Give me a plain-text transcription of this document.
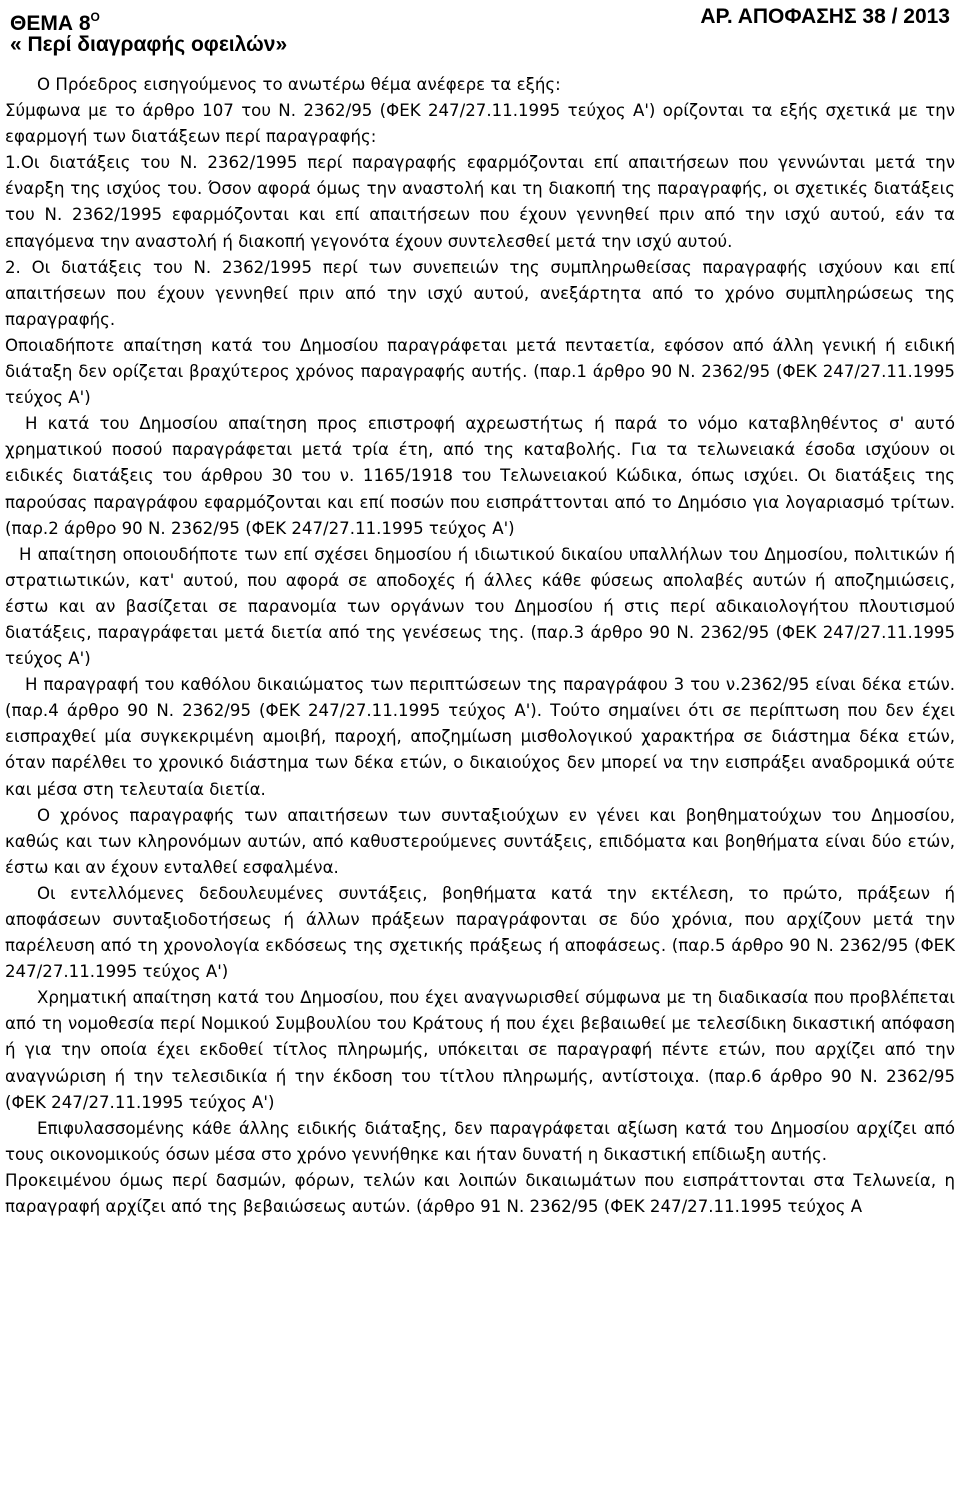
ΘΕΜΑ $8^O$	ΑΡ. ΑΠΟΦΑΣΗΣ 38 / 2013
« Περί διαγραφής οφειλών»

Ο Πρόεδρος εισηγούμενος το ανωτέρω θέμα ανέφερε τα εξής:

Σύμφωνα με το άρθρο 107 του Ν. 2362/95 (ΦΕΚ 247/27.11.1995 τεύχος Α') ορίζονται τα εξής σχετικά με την εφαρμογή των διατάξεων περί παραγραφής:

1.Οι διατάξεις του Ν. 2362/1995 περί παραγραφής εφαρμόζονται επί απαιτήσεων που γεννώνται μετά την έναρξη της ισχύος του. Όσον αφορά όμως την αναστολή και τη διακοπή της παραγραφής, οι σχετικές διατάξεις του Ν. 2362/1995 εφαρμόζονται και επί απαιτήσεων που έχουν γεννηθεί πριν από την ισχύ αυτού, εάν τα επαγόμενα την αναστολή ή διακοπή γεγονότα έχουν συντελεσθεί μετά την ισχύ αυτού.

2. Οι διατάξεις του Ν. 2362/1995 περί των συνεπειών της συμπληρωθείσας παραγραφής ισχύουν και επί απαιτήσεων που έχουν γεννηθεί πριν από την ισχύ αυτού, ανεξάρτητα από το χρόνο συμπληρώσεως της παραγραφής.

Οποιαδήποτε απαίτηση κατά του Δημοσίου παραγράφεται μετά πενταετία, εφόσον από άλλη γενική ή ειδική διάταξη δεν ορίζεται βραχύτερος χρόνος παραγραφής αυτής. (παρ.1 άρθρο 90 Ν. 2362/95 (ΦΕΚ 247/27.11.1995 τεύχος Α')

Η κατά του Δημοσίου απαίτηση προς επιστροφή αχρεωστήτως ή παρά το νόμο καταβληθέντος σ' αυτό χρηματικού ποσού παραγράφεται μετά τρία έτη, από της καταβολής. Για τα τελωνειακά έσοδα ισχύουν οι ειδικές διατάξεις του άρθρου 30 του ν. 1165/1918 του Τελωνειακού Κώδικα, όπως ισχύει. Οι διατάξεις της παρούσας παραγράφου εφαρμόζονται και επί ποσών που εισπράττονται από το Δημόσιο για λογαριασμό τρίτων. (παρ.2 άρθρο 90 Ν. 2362/95 (ΦΕΚ 247/27.11.1995 τεύχος Α')

Η απαίτηση οποιουδήποτε των επί σχέσει δημοσίου ή ιδιωτικού δικαίου υπαλλήλων του Δημοσίου, πολιτικών ή στρατιωτικών, κατ' αυτού, που αφορά σε αποδοχές ή άλλες κάθε φύσεως απολαβές αυτών ή αποζημιώσεις, έστω και αν βασίζεται σε παρανομία των οργάνων του Δημοσίου ή στις περί αδικαιολογήτου πλουτισμού διατάξεις, παραγράφεται μετά διετία από της γενέσεως της. (παρ.3 άρθρο 90 Ν. 2362/95 (ΦΕΚ 247/27.11.1995 τεύχος Α')

Η παραγραφή του καθόλου δικαιώματος των περιπτώσεων της παραγράφου 3 του ν.2362/95 είναι δέκα ετών. (παρ.4 άρθρο 90 Ν. 2362/95 (ΦΕΚ 247/27.11.1995 τεύχος Α'). Τούτο σημαίνει ότι σε περίπτωση που δεν έχει εισπραχθεί μία συγκεκριμένη αμοιβή, παροχή, αποζημίωση μισθολογικού χαρακτήρα σε διάστημα δέκα ετών, όταν παρέλθει το χρονικό διάστημα των δέκα ετών, ο δικαιούχος δεν μπορεί να την εισπράξει αναδρομικά ούτε και μέσα στη τελευταία διετία.

Ο χρόνος παραγραφής των απαιτήσεων των συνταξιούχων εν γένει και βοηθηματούχων του Δημοσίου, καθώς και των κληρονόμων αυτών, από καθυστερούμενες συντάξεις, επιδόματα και βοηθήματα είναι δύο ετών, έστω και αν έχουν ενταλθεί εσφαλμένα.

Οι εντελλόμενες δεδουλευμένες συντάξεις, βοηθήματα κατά την εκτέλεση, το πρώτο, πράξεων ή αποφάσεων συνταξιοδοτήσεως ή άλλων πράξεων παραγράφονται σε δύο χρόνια, που αρχίζουν μετά την παρέλευση από τη χρονολογία εκδόσεως της σχετικής πράξεως ή αποφάσεως. (παρ.5 άρθρο 90 Ν. 2362/95 (ΦΕΚ 247/27.11.1995 τεύχος Α')

Χρηματική απαίτηση κατά του Δημοσίου, που έχει αναγνωρισθεί σύμφωνα με τη διαδικασία που προβλέπεται από τη νομοθεσία περί Νομικού Συμβουλίου του Κράτους ή που έχει βεβαιωθεί με τελεσίδικη δικαστική απόφαση ή για την οποία έχει εκδοθεί τίτλος πληρωμής, υπόκειται σε παραγραφή πέντε ετών, που αρχίζει από την αναγνώριση ή την τελεσιδικία ή την έκδοση του τίτλου πληρωμής, αντίστοιχα. (παρ.6 άρθρο 90 Ν. 2362/95 (ΦΕΚ 247/27.11.1995 τεύχος Α')

Επιφυλασσομένης κάθε άλλης ειδικής διάταξης, δεν παραγράφεται αξίωση κατά του Δημοσίου αρχίζει από τους οικονομικούς όσων μέσα στο χρόνο γεννήθηκε και ήταν δυνατή η δικαστική επίδιωξη αυτής.

Προκειμένου όμως περί δασμών, φόρων, τελών και λοιπών δικαιωμάτων που εισπράττονται στα Τελωνεία, η παραγραφή αρχίζει από της βεβαιώσεως αυτών. (άρθρο 91 Ν. 2362/95 (ΦΕΚ 247/27.11.1995 τεύχος Α
